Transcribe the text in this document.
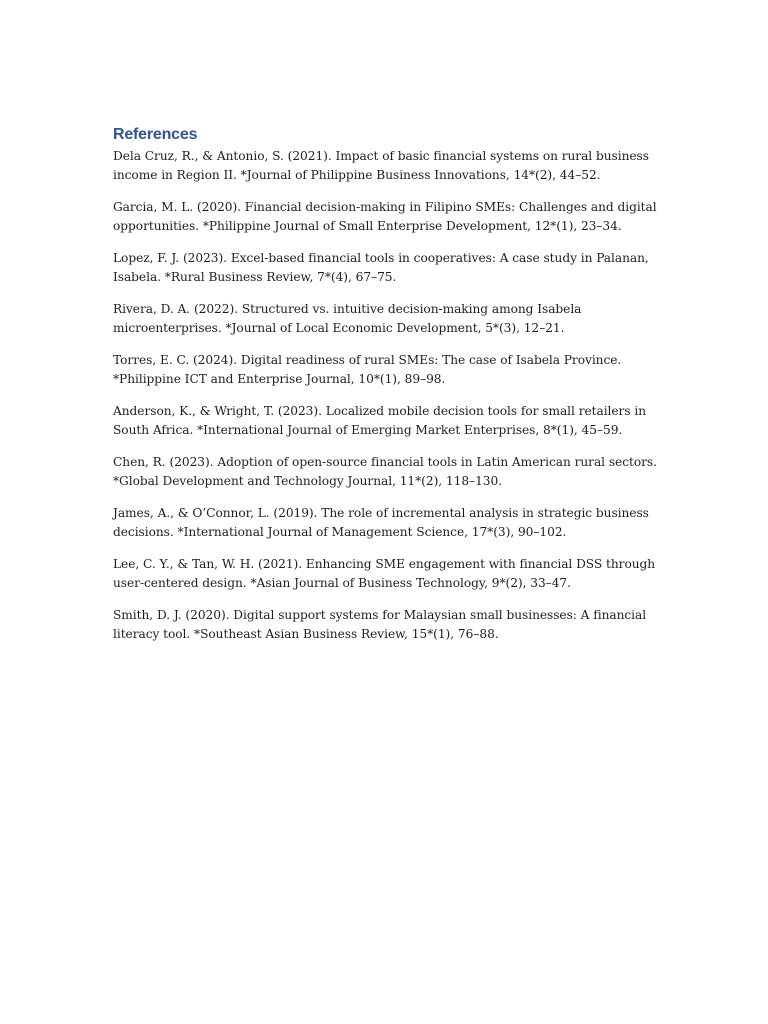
References

Dela Cruz, R., & Antonio, S. (2021). Impact of basic financial systems on rural business income in Region II. *Journal of Philippine Business Innovations, 14*(2), 44–52.

Garcia, M. L. (2020). Financial decision-making in Filipino SMEs: Challenges and digital opportunities. *Philippine Journal of Small Enterprise Development, 12*(1), 23–34.

Lopez, F. J. (2023). Excel-based financial tools in cooperatives: A case study in Palanan, Isabela. *Rural Business Review, 7*(4), 67–75.

Rivera, D. A. (2022). Structured vs. intuitive decision-making among Isabela microenterprises. *Journal of Local Economic Development, 5*(3), 12–21.

Torres, E. C. (2024). Digital readiness of rural SMEs: The case of Isabela Province. *Philippine ICT and Enterprise Journal, 10*(1), 89–98.

Anderson, K., & Wright, T. (2023). Localized mobile decision tools for small retailers in South Africa. *International Journal of Emerging Market Enterprises, 8*(1), 45–59.

Chen, R. (2023). Adoption of open-source financial tools in Latin American rural sectors. *Global Development and Technology Journal, 11*(2), 118–130.

James, A., & O’Connor, L. (2019). The role of incremental analysis in strategic business decisions. *International Journal of Management Science, 17*(3), 90–102.

Lee, C. Y., & Tan, W. H. (2021). Enhancing SME engagement with financial DSS through user-centered design. *Asian Journal of Business Technology, 9*(2), 33–47.

Smith, D. J. (2020). Digital support systems for Malaysian small businesses: A financial literacy tool. *Southeast Asian Business Review, 15*(1), 76–88.
